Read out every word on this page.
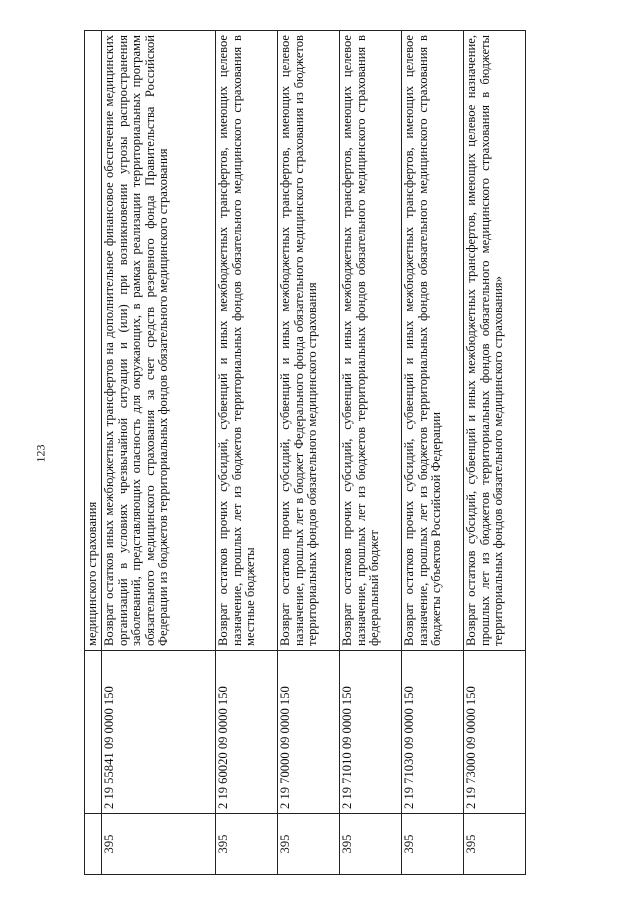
123
		медицинского страхования
395	2 19 55841 09 0000 150	Возврат остатков иных межбюджетных трансфертов на дополнительное финансовое обеспечение медицинских организаций в условиях чрезвычайной ситуации и (или) при возникновении угрозы распространения заболеваний, представляющих опасность для окружающих, в рамках реализации территориальных программ обязательного медицинского страхования за счет средств резервного фонда Правительства Российской Федерации из бюджетов территориальных фондов обязательного медицинского страхования
395	2 19 60020 09 0000 150	Возврат остатков прочих субсидий, субвенций и иных межбюджетных трансфертов, имеющих целевое назначение, прошлых лет из бюджетов территориальных фондов обязательного медицинского страхования в местные бюджеты
395	2 19 70000 09 0000 150	Возврат остатков прочих субсидий, субвенций и иных межбюджетных трансфертов, имеющих целевое назначение, прошлых лет в бюджет Федерального фонда обязательного медицинского страхования из бюджетов территориальных фондов обязательного медицинского страхования
395	2 19 71010 09 0000 150	Возврат остатков прочих субсидий, субвенций и иных межбюджетных трансфертов, имеющих целевое назначение, прошлых лет из бюджетов территориальных фондов обязательного медицинского страхования в федеральный бюджет
395	2 19 71030 09 0000 150	Возврат остатков прочих субсидий, субвенций и иных межбюджетных трансфертов, имеющих целевое назначение, прошлых лет из бюджетов территориальных фондов обязательного медицинского страхования в бюджеты субъектов Российской Федерации
395	2 19 73000 09 0000 150	Возврат остатков субсидий, субвенций и иных межбюджетных трансфертов, имеющих целевое назначение, прошлых лет из бюджетов территориальных фондов обязательного медицинского страхования в бюджеты территориальных фондов обязательного медицинского страхования»
